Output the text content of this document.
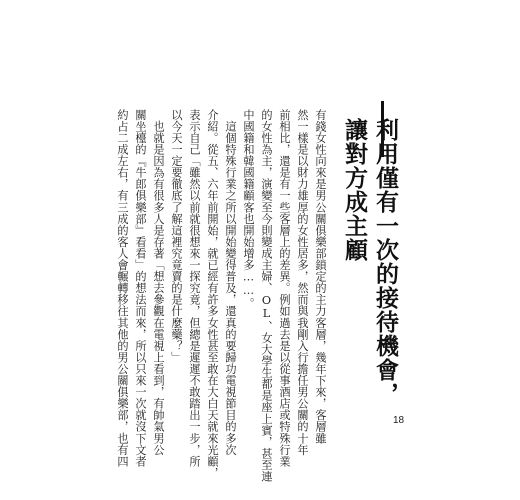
利用僅有一次的接待機會，
讓對方成主顧
有錢女性向來是男公關俱樂部鎖定的主力客層，幾年下來，客層雖
然一樣是以財力雄厚的女性居多，然而與我剛入行擔任男公關的十年
前相比，還是有一些客層上的差異。例如過去是以從事酒店或特殊行業
的女性為主，演變至今則變成主婦、OL、女大學生都是座上賓，甚至連
中國籍和韓國籍顧客也開始增多……。
　這個特殊行業之所以開始變得普及，還真的要歸功電視節目的多次
介紹。從五、六年前開始，就已經有許多女性甚至敢在大白天就來光顧，
表示自己「雖然以前就很想來一探究竟，但總是遲遲不敢踏出一步，所
以今天一定要徹底了解這裡究竟賣的是什麼藥？」
　也就是因為有很多人是存著「想去參觀在電視上看到，有帥氣男公
關坐檯的『牛郎俱樂部』看看」的想法而來，所以只來一次就沒下文者
約占二成左右，有三成的客人會輾轉移往其他的男公關俱樂部，也有四	18
